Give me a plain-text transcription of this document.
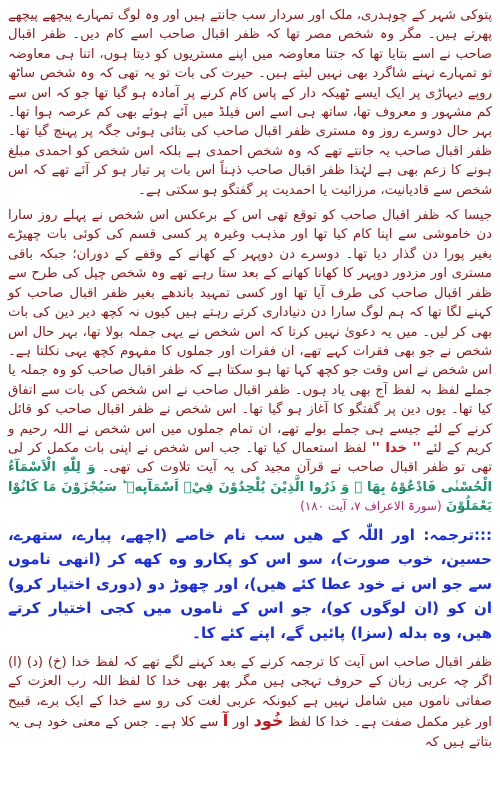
پتوکی شہر کے چوہدری، ملک اور سردار سب جانتے ہیں اور وہ لوگ تمہارے پیچھے پیچھے پھرتے ہیں۔ مگر وہ شخص مصر تھا کہ ظفر اقبال صاحب اسے کام دیں۔ ظفر اقبال صاحب نے اسے بتایا تھا کہ جتنا معاوضہ میں اپنے مستریوں کو دیتا ہوں، اتنا ہی معاوضہ تو تمہارے نہنے شاگرد بھی نہیں لیتے ہیں۔ حیرت کی بات تو یہ تھی کہ وہ شخص ساٹھ روپے دیہاڑی پر ایک ایسے ٹھیکہ دار کے پاس کام کرنے پر آمادہ ہو گیا تھا جو کہ اس سے کم مشہور و معروف تھا، ساتھ ہی اسے اس فیلڈ میں آئے ہوئے بھی کم عرصہ ہوا تھا۔ بہر حال دوسرے روز وہ مستری ظفر اقبال صاحب کی بتائی ہوئی جگہ پر پہنچ گیا تھا۔ ظفر اقبال صاحب یہ جانتے تھے کہ وہ شخص احمدی ہے بلکہ اس شخص کو احمدی مبلغ ہونے کا زعم بھی ہے لہٰذا ظفر اقبال صاحب ذہناً اس بات پر تیار ہو کر آئے تھے کہ اس شخص سے قادیانیت، مرزائیت یا احمدیت پر گفتگو ہو سکتی ہے۔

جیسا کہ ظفر اقبال صاحب کو توقع تھی اس کے برعکس اس شخص نے پہلے روز سارا دن خاموشی سے اپنا کام کیا تھا اور مذہب وغیرہ پر کسی قسم کی کوئی بات چھیڑے بغیر پورا دن گذار دیا تھا۔ دوسرے دن دوپہر کے کھانے کے وقفے کے دوران؛ جبکہ باقی مستری اور مزدور دوپہر کا کھانا کھانے کے بعد ستا رہے تھے وہ شخص چپل کی طرح سے ظفر اقبال صاحب کی طرف آیا تھا اور کسی تمہید باندھے بغیر ظفر اقبال صاحب کو کہنے لگا تھا کہ ہم لوگ سارا دن دنیاداری کرتے رہتے ہیں کیوں نہ کچھ دیر دین کی بات بھی کر لیں۔ میں یہ دعویٰ نہیں کرتا کہ اس شخص نے یہی جملہ بولا تھا، بہر حال اس شخص نے جو بھی فقرات کہے تھے، ان فقرات اور جملوں کا مفہوم کچھ یہی نکلتا ہے۔ اس شخص نے اس وقت جو کچھ کہا تھا ہو سکتا ہے کہ ظفر اقبال صاحب کو وہ جملہ یا جملے لفظ بہ لفظ آج بھی یاد ہوں۔ ظفر اقبال صاحب نے اس شخص کی بات سے اتفاق کیا تھا۔ یوں دین پر گفتگو کا آغاز ہو گیا تھا۔ اس شخص نے ظفر اقبال صاحب کو قائل کرنے کے لئے جیسے ہی جملے بولے تھے، ان تمام جملوں میں اس شخص نے اللہ رحیم و کریم کے لئے '' خدا '' لفظ استعمال کیا تھا۔ جب اس شخص نے اپنی بات مکمل کر لی تھی تو ظفر اقبال صاحب نے قرآن مجید کی یہ آیت تلاوت کی تھی۔ وَ لِلّٰهِ الْاَسْمَآءُ الْحُسْنٰى فَادْعُوْهُ بِهَا ۪ وَ ذَرُوا الَّذِيْنَ يُلْحِدُوْنَ فِيْۤ اَسْمَآىِٕهٖ ؕ سَيُجْزَوْنَ مَا كَانُوْا يَعْمَلُوْنَ (سورۃ الاعراف ۷، آیت ۱۸۰)

:::ترجمہ: اور اللّٰہ کے هیں سب نام خاصے (اچهے، پیارے، ستهرے، حسین، خوب صورت)، سو اس کو پکارو وه کهه کر (انهی ناموں سے جو اس نے خود عطا کئے هیں)، اور چهوڑ دو (دوری اختیار کرو) ان کو (ان لوگوں کو)، جو اس کے ناموں میں کجی اختیار کرتے هیں، وه بدله (سزا) پائیں گے، اپنے کئے کا۔

ظفر اقبال صاحب اس آیت کا ترجمہ کرنے کے بعد کہنے لگے تھے کہ لفظ خدا (خ) (د) (ا) اگر چہ عربی زبان کے حروف تہجی ہیں مگر پھر بھی خدا کا لفظ اللہ رب العزت کے صفاتی ناموں میں شامل نہیں ہے کیونکہ عربی لغت کی رو سے خدا کے ایک برے، قبیح اور غیر مکمل صفت ہے۔ خدا کا لفظ خُود اور آ سے کلا ہے۔ جس کے معنی خود ہی یہ بتاتے ہیں کہ
